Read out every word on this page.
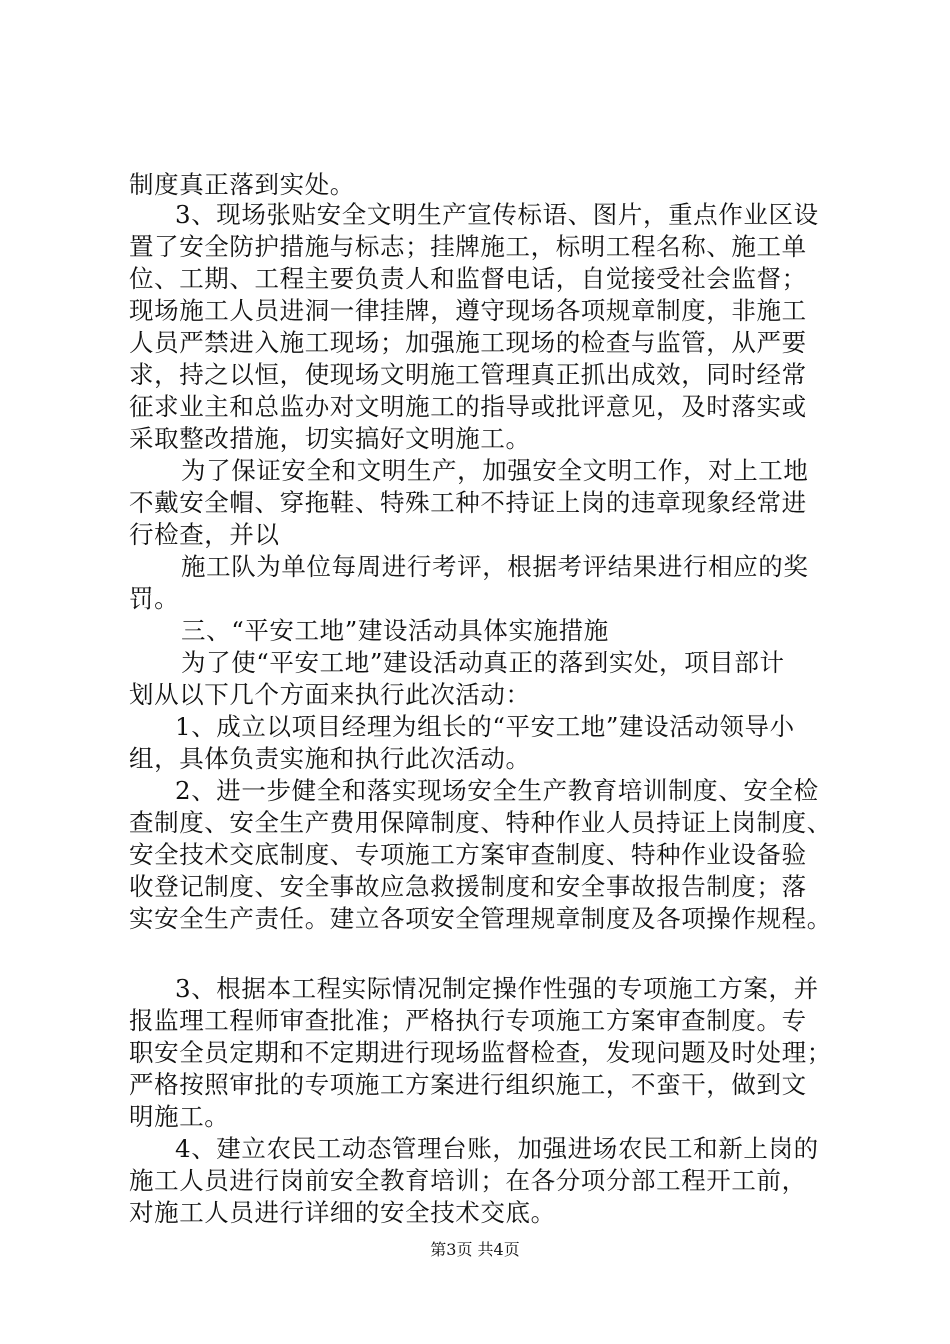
制度真正落到实处。
3、现场张贴安全文明生产宣传标语、图片，重点作业区设
置了安全防护措施与标志；挂牌施工，标明工程名称、施工单
位、工期、工程主要负责人和监督电话，自觉接受社会监督；
现场施工人员进洞一律挂牌，遵守现场各项规章制度，非施工
人员严禁进入施工现场；加强施工现场的检查与监管，从严要
求，持之以恒，使现场文明施工管理真正抓出成效，同时经常
征求业主和总监办对文明施工的指导或批评意见，及时落实或
采取整改措施，切实搞好文明施工。
为了保证安全和文明生产，加强安全文明工作，对上工地
不戴安全帽、穿拖鞋、特殊工种不持证上岗的违章现象经常进
行检查，并以
施工队为单位每周进行考评，根据考评结果进行相应的奖
罚。
三、“平安工地”建设活动具体实施措施
为了使“平安工地”建设活动真正的落到实处，项目部计
划从以下几个方面来执行此次活动：
1、成立以项目经理为组长的“平安工地”建设活动领导小
组，具体负责实施和执行此次活动。
2、进一步健全和落实现场安全生产教育培训制度、安全检
查制度、安全生产费用保障制度、特种作业人员持证上岗制度、
安全技术交底制度、专项施工方案审查制度、特种作业设备验
收登记制度、安全事故应急救援制度和安全事故报告制度；落
实安全生产责任。建立各项安全管理规章制度及各项操作规程。
3、根据本工程实际情况制定操作性强的专项施工方案，并
报监理工程师审查批准；严格执行专项施工方案审查制度。专
职安全员定期和不定期进行现场监督检查，发现问题及时处理；
严格按照审批的专项施工方案进行组织施工，不蛮干，做到文
明施工。
4、建立农民工动态管理台账，加强进场农民工和新上岗的
施工人员进行岗前安全教育培训；在各分项分部工程开工前，
对施工人员进行详细的安全技术交底。
第3页 共4页
